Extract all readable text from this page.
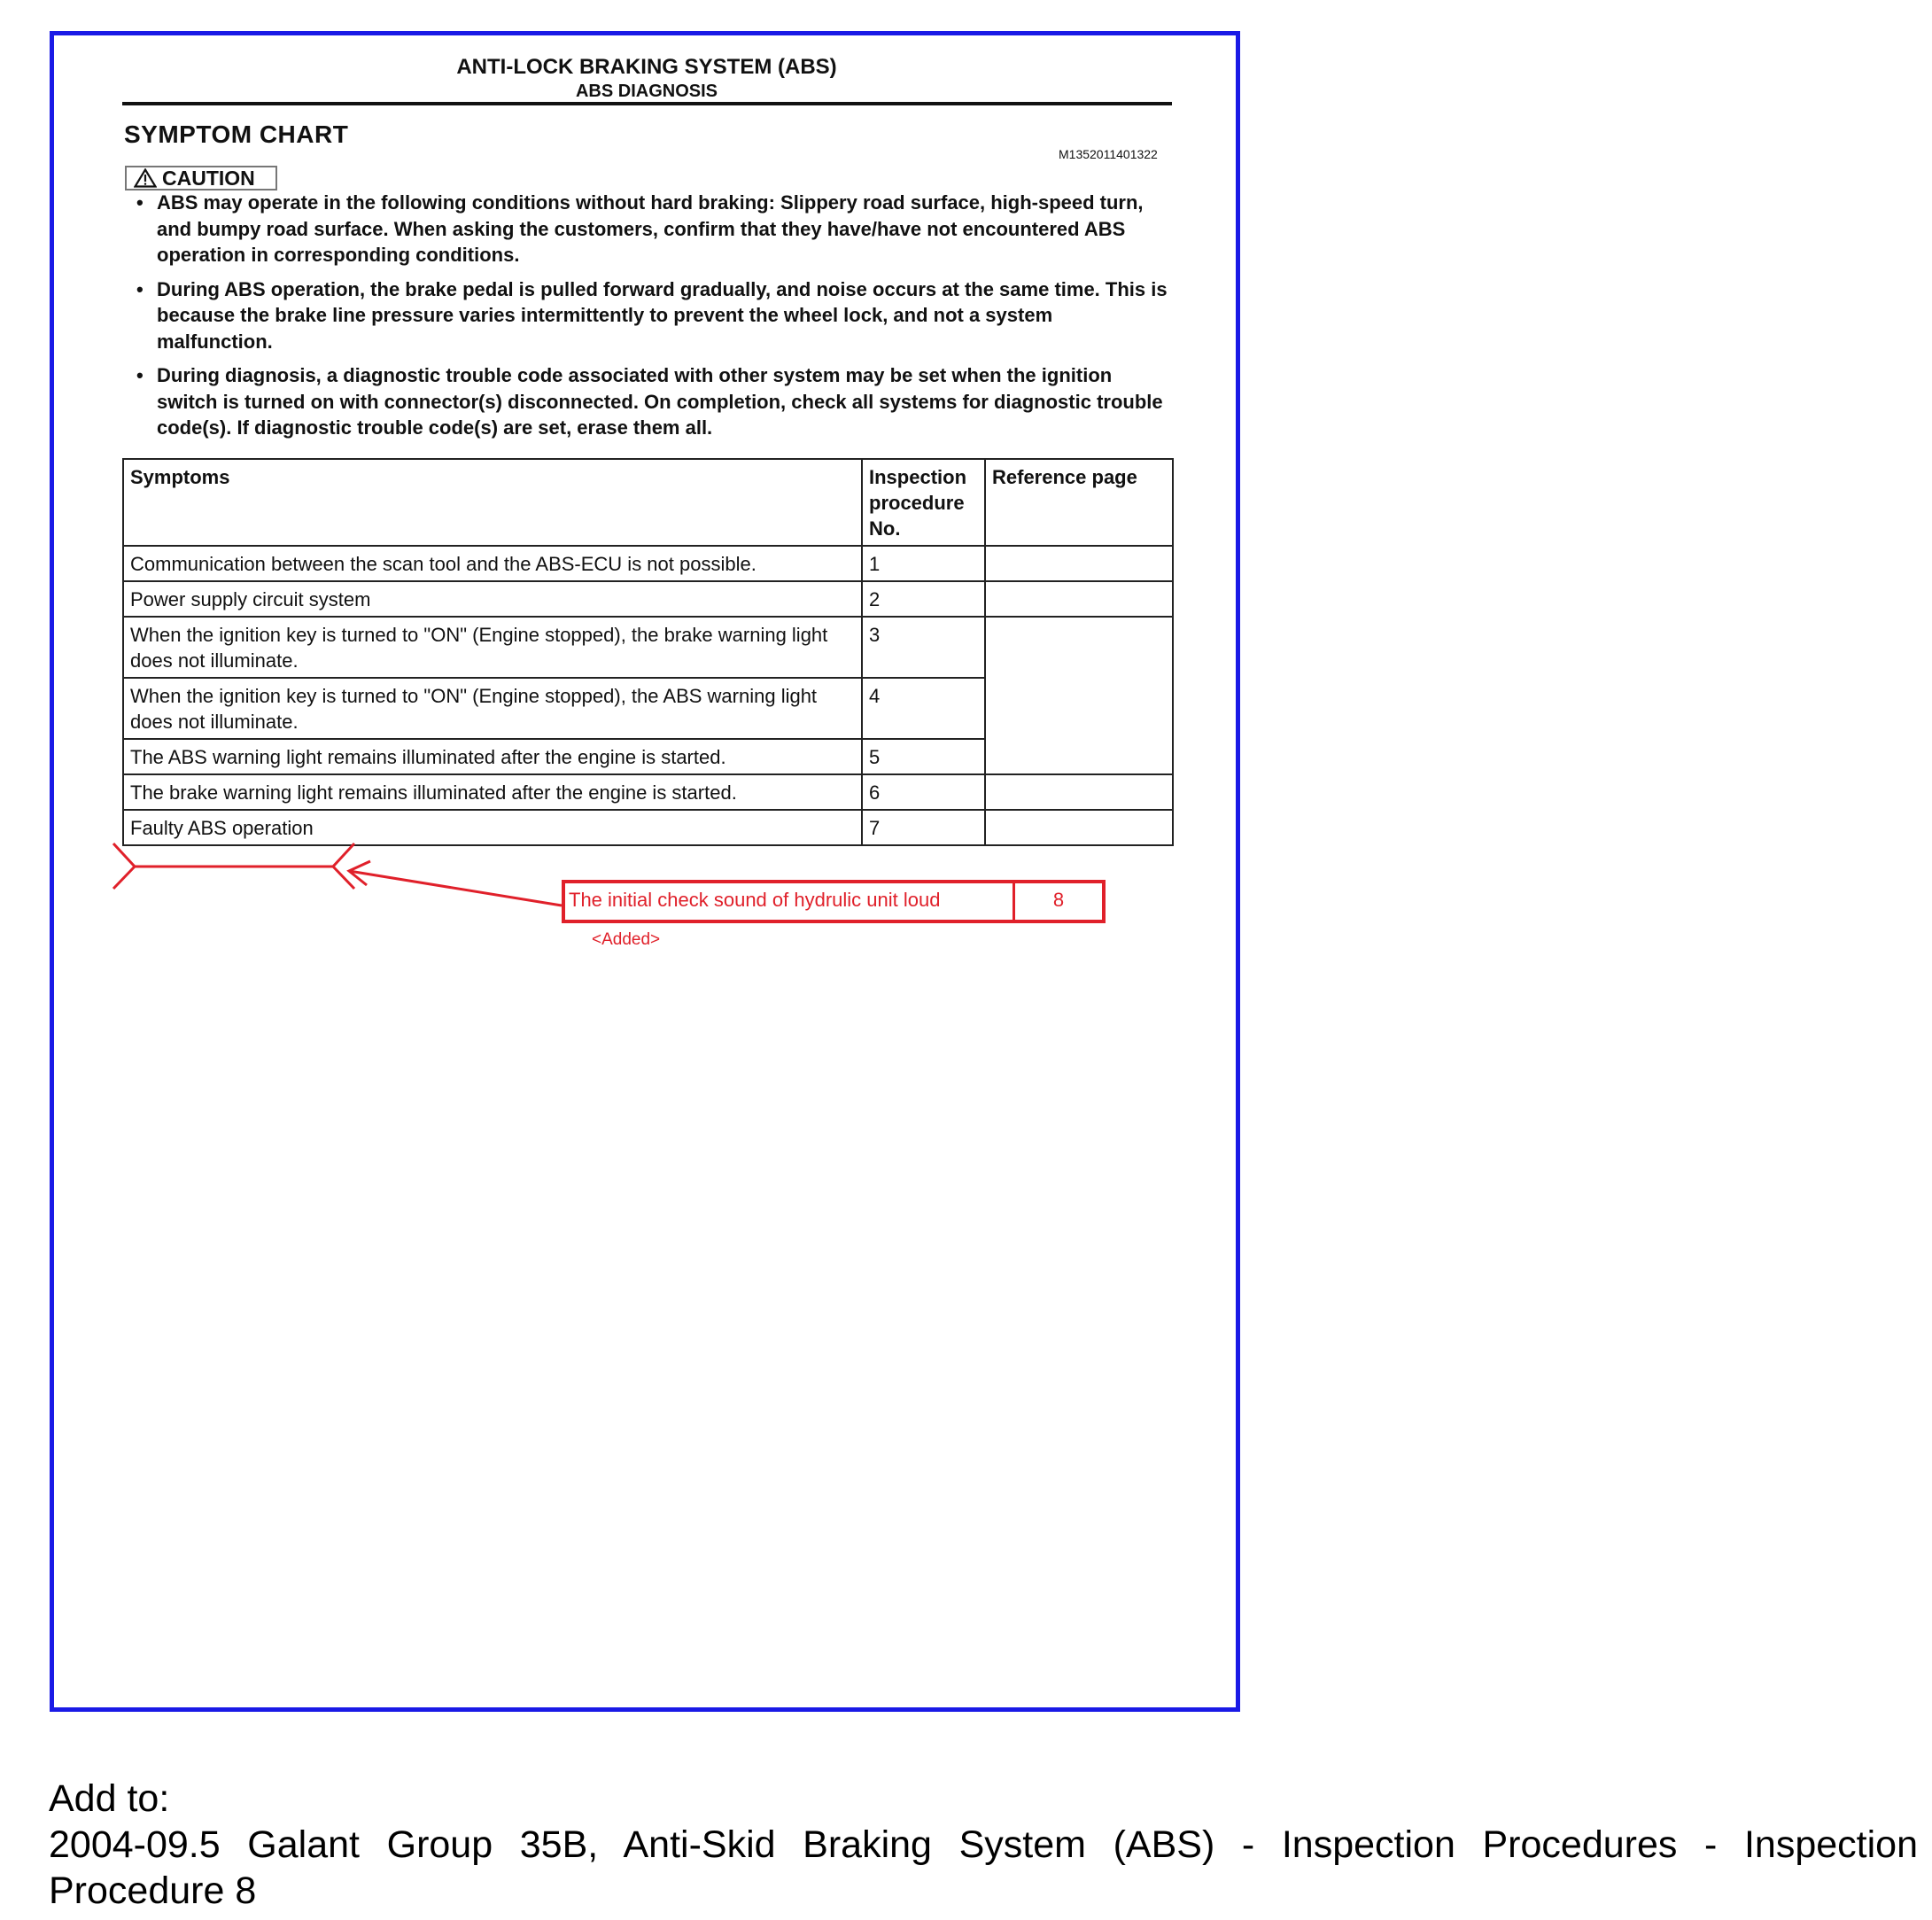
ANTI-LOCK BRAKING SYSTEM (ABS)
ABS DIAGNOSIS
SYMPTOM CHART
M1352011401322
CAUTION
• ABS may operate in the following conditions without hard braking: Slippery road surface, high-speed turn, and bumpy road surface. When asking the customers, confirm that they have/have not encountered ABS operation in corresponding conditions.
• During ABS operation, the brake pedal is pulled forward gradually, and noise occurs at the same time. This is because the brake line pressure varies intermittently to prevent the wheel lock, and not a system malfunction.
• During diagnosis, a diagnostic trouble code associated with other system may be set when the ignition switch is turned on with connector(s) disconnected. On completion, check all systems for diagnostic trouble code(s). If diagnostic trouble code(s) are set, erase them all.
Symptoms	Inspection procedure No.	Reference page
Communication between the scan tool and the ABS-ECU is not possible.	1	
Power supply circuit system	2	
When the ignition key is turned to "ON" (Engine stopped), the brake warning light does not illuminate.	3	
When the ignition key is turned to "ON" (Engine stopped), the ABS warning light does not illuminate.	4	
The ABS warning light remains illuminated after the engine is started.	5	
The brake warning light remains illuminated after the engine is started.	6	
Faulty ABS operation	7	
The initial check sound of hydrulic unit loud	8
<Added>
Add to:
2004-09.5 Galant Group 35B, Anti-Skid Braking System (ABS) - Inspection Procedures - Inspection
Procedure 8
